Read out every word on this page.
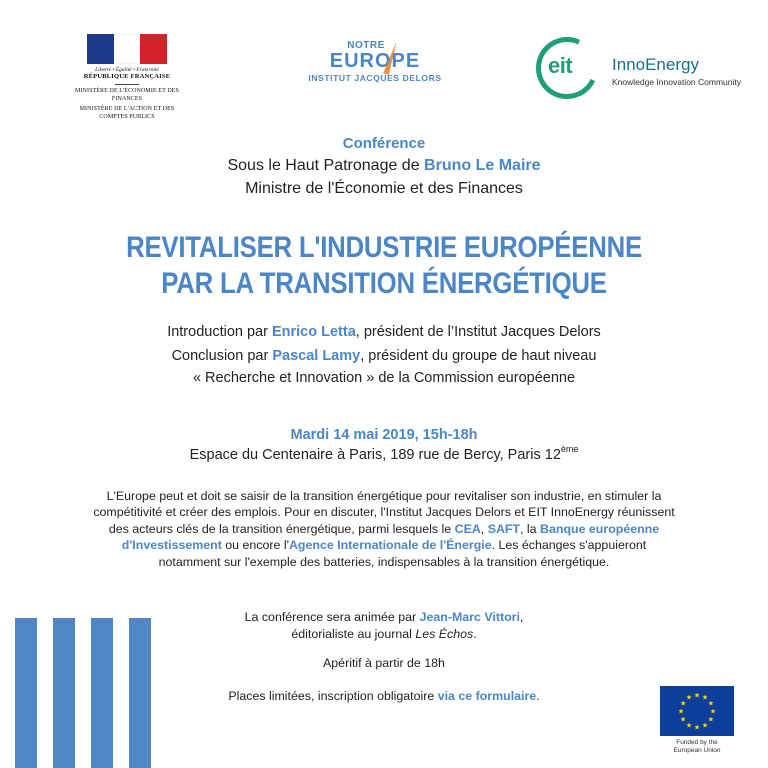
Liberté • Égalité • Fraternité
RÉPUBLIQUE FRANÇAISE
MINISTÈRE DE L'ÉCONOMIE ET DES FINANCES
MINISTÈRE DE L'ACTION ET DES COMPTES PUBLICS
NOTRE
EUROPE
INSTITUT JACQUES DELORS	eit InnoEnergy
Knowledge Innovation Community
Conférence
Sous le Haut Patronage de Bruno Le Maire
Ministre de l'Économie et des Finances
REVITALISER L'INDUSTRIE EUROPÉENNE
PAR LA TRANSITION ÉNERGÉTIQUE
Introduction par Enrico Letta, président de l’Institut Jacques Delors
Conclusion par Pascal Lamy, président du groupe de haut niveau
« Recherche et Innovation » de la Commission européenne
Mardi 14 mai 2019, 15h-18h
Espace du Centenaire à Paris, 189 rue de Bercy, Paris 12ème
L'Europe peut et doit se saisir de la transition énergétique pour revitaliser son industrie, en stimuler la compétitivité et créer des emplois. Pour en discuter, l'Institut Jacques Delors et EIT InnoEnergy réunissent des acteurs clés de la transition énergétique, parmi lesquels le CEA, SAFT, la Banque européenne d'Investissement ou encore l'Agence Internationale de l'Énergie. Les échanges s'appuieront notamment sur l'exemple des batteries, indispensables à la transition énergétique.
La conférence sera animée par Jean-Marc Vittori,
éditorialiste au journal Les Échos.
Apéritif à partir de 18h
Places limitées, inscription obligatoire via ce formulaire.	★ ★
★
★
★
★
★
★
★
★
★
★
Funded by the
European Union
